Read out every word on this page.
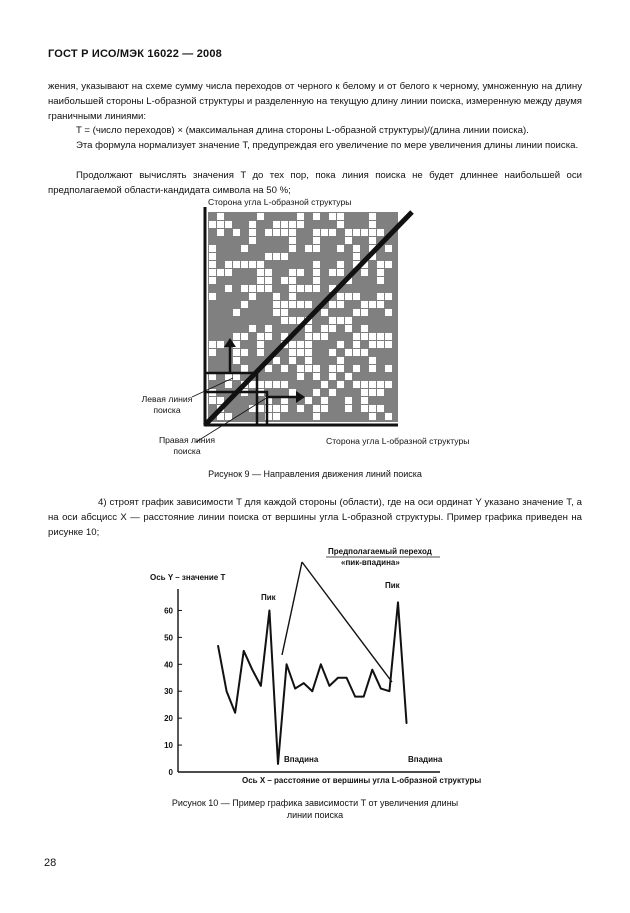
ГОСТ Р ИСО/МЭК 16022 — 2008

жения, указывают на схеме сумму числа переходов от черного к белому и от белого к черному, умноженную на длину наибольшей стороны L-образной структуры и разделенную на текущую длину линии поиска, измеренную между двумя граничными линиями:

T = (число переходов) × (максимальная длина стороны L-образной структуры)/(длина линии поиска).

Эта формула нормализует значение T, предупреждая его увеличение по мере увеличения длины линии поиска.

Продолжают вычислять значения T до тех пор, пока линия поиска не будет длиннее наибольшей оси предполагаемой области-кандидата символа на 50 %;

Сторона угла L-образной структуры
Левая линия
поиска
Правая линия
поиска
Сторона угла L-образной структуры
Рисунок 9 — Направления движения линий поиска

4) строят график зависимости T для каждой стороны (области), где на оси ординат Y указано значение T, а на оси абсцисс X — расстояние линии поиска от вершины угла L-образной структуры. Пример графика приведен на рисунке 10;

0
10
20
30
40
50
60
Ось Y – значение T
Ось X – расстояние от вершины угла L-образной структуры
Предполагаемый переход
«пик-впадина»
Пик
Пик
Впадина	Впадина
Рисунок 10 — Пример графика зависимости T от увеличения длины
линии поиска
28
